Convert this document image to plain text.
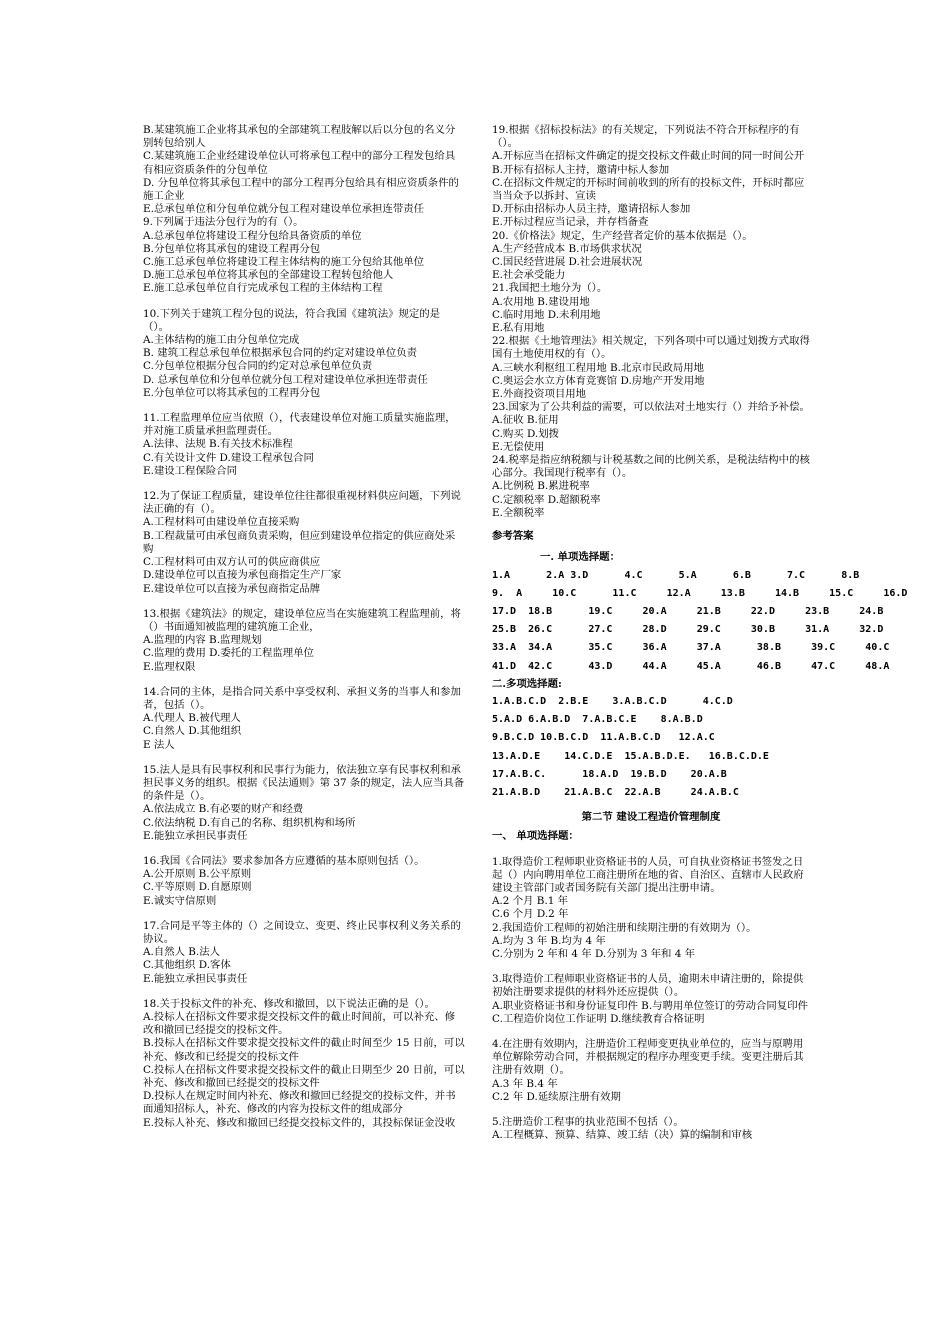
B.某建筑施工企业将其承包的全部建筑工程肢解以后以分包的名义分别转包给别人

C.某建筑施工企业经建设单位认可将承包工程中的部分工程发包给具有相应资质条件的分包单位

D. 分包单位将其承包工程中的部分工程再分包给具有相应资质条件的施工企业

E.总承包单位和分包单位就分包工程对建设单位承担连带责任

9.下列属于违法分包行为的有（）。

A.总承包单位将建设工程分包给具备资质的单位

B.分包单位将其承包的建设工程再分包

C.施工总承包单位将建设工程主体结构的施工分包给其他单位

D.施工总承包单位将其承包的全部建设工程转包给他人

E.施工总承包单位自行完成承包工程的主体结构工程

10.下列关于建筑工程分包的说法，符合我国《建筑法》规定的是（）。

A.主体结构的施工由分包单位完成

B. 建筑工程总承包单位根据承包合同的约定对建设单位负责

C.分包单位根据分包合同的约定对总承包单位负责

D. 总承包单位和分包单位就分包工程对建设单位承担连带责任

E.分包单位可以将其承包的工程再分包

11.工程监理单位应当依照（），代表建设单位对施工质量实施监理，并对施工质量承担监理责任。

A.法律、法规 B.有关技术标准程

C.有关设计文件 D.建设工程承包合同

E.建设工程保险合同

12.为了保证工程质量，建设单位往往都很重视材料供应问题，下列说法正确的有（）。

A.工程材料可由建设单位直接采购

B.工程裁量可由承包商负责采购，但应到建设单位指定的供应商处采购

C.工程材料可由双方认可的供应商供应

D.建设单位可以直接为承包商指定生产厂家

E.建设单位可以直接为承包商指定品牌

13.根据《建筑法》的规定，建设单位应当在实施建筑工程监理前，将（）书面通知被监理的建筑施工企业，

A.监理的内容 B.监理规划

C.监理的费用 D.委托的工程监理单位

E.监理权限

14.合同的主体，是指合同关系中享受权利、承担义务的当事人和参加者，包括（）。

A.代理人 B.被代理人

C.自然人 D.其他组织

E 法人

15.法人是具有民事权利和民事行为能力，依法独立享有民事权利和承担民事义务的组织。根据《民法通则》第 37 条的规定，法人应当具备的条件是（）。

A.依法成立 B.有必要的财产和经费

C.依法纳税 D.有自己的名称、组织机构和场所

E.能独立承担民事责任

16.我国《合同法》要求参加各方应遵循的基本原则包括（）。

A.公开原则 B.公平原则

C.平等原则 D.自愿原则

E.诚实守信原则

17.合同是平等主体的（）之间设立、变更、终止民事权利义务关系的协议。

A.自然人 B.法人

C.其他组织 D.客体

E.能独立承担民事责任

18.关于投标文件的补充、修改和撤回，以下说法正确的是（）。

A.投标人在招标文件要求提交投标文件的截止时间前，可以补充、修改和撤回已经提交的投标文件。

B.投标人在招标文件要求提交投标文件的截止时间至少 15 日前，可以补充、修改和已经提交的投标文件

C.投标人在招标文件要求提交投标文件的截止日期至少 20 日前，可以补充、修改和撤回已经提交的投标文件

D.投标人在规定时间内补充、修改和撤回已经提交的投标文件，并书面通知招标人，补充、修改的内容为投标文件的组成部分

E.投标人补充、修改和撤回已经提交投标文件的，其投标保证金没收

19.根据《招标投标法》的有关规定，下列说法不符合开标程序的有（）。

A.开标应当在招标文件确定的提交投标文件截止时间的同一时间公开

B.开标有招标人主持，邀请中标人参加

C.在招标文件规定的开标时间前收到的所有的投标文件，开标时都应当当众予以拆封、宣读

D.开标由招标办人员主持，邀请招标人参加

E.开标过程应当记录，并存档备查

20.《价格法》规定，生产经营者定价的基本依据是（）。

A.生产经营成本 B.市场供求状况

C.国民经营进展 D.社会进展状况

E.社会承受能力

21.我国把土地分为（）。

A.农用地 B.建设用地

C.临时用地 D.未利用地

E.私有用地

22.根据《土地管理法》相关规定，下列各项中可以通过划拨方式取得国有土地使用权的有（）。

A.三峡水利枢纽工程用地 B.北京市民政局用地

C.奥运会水立方体育竞赛馆 D.房地产开发用地

E.外商投资项目用地

23.国家为了公共利益的需要，可以依法对土地实行（）并给予补偿。

A.征收 B.征用

C.购买 D.划拨

E.无偿使用

24.税率是指应纳税额与计税基数之间的比例关系，是税法结构中的核心部分。我国现行税率有（）。

A.比例税 B.累进税率

C.定额税率 D.超额税率

E.全额税率

参考答案

一. 单项选择题：

1.A      2.A 3.D      4.C      5.A      6.B      7.C      8.B

9.  A     10.C      11.C     12.A     13.B     14.B     15.C     16.D

17.D  18.B      19.C     20.A     21.B     22.D     23.B     24.B

25.B  26.C      27.C     28.D     29.C     30.B     31.A     32.D

33.A  34.A      35.C     36.A     37.A      38.B     39.C     40.C

41.D  42.C      43.D     44.A     45.A      46.B     47.C     48.A

二.多项选择题:

1.A.B.C.D  2.B.E    3.A.B.C.D      4.C.D

5.A.D 6.A.B.D  7.A.B.C.E    8.A.B.D

9.B.C.D 10.B.C.D  11.A.B.C.D   12.A.C

13.A.D.E    14.C.D.E  15.A.B.D.E.   16.B.C.D.E

17.A.B.C.      18.A.D  19.B.D    20.A.B

21.A.B.D    21.A.B.C  22.A.B     24.A.B.C

第二节 建设工程造价管理制度

一、 单项选择题：

1.取得造价工程师职业资格证书的人员，可自执业资格证书签发之日起（）内向聘用单位工商注册所在地的省、自治区、直辖市人民政府建设主管部门或者国务院有关部门提出注册申请。

A.2 个月 B.1 年

C.6 个月 D.2 年

2.我国造价工程师的初始注册和续期注册的有效期为（）。

A.均为 3 年 B.均为 4 年

C.分别为 2 年和 4 年 D.分别为 3 年和 4 年

3.取得造价工程师职业资格证书的人员，逾期未申请注册的，除提供初始注册要求提供的材料外还应提供（）。

A.职业资格证书和身份证复印件 B.与聘用单位签订的劳动合同复印件

C.工程造价岗位工作证明 D.继续教育合格证明

4.在注册有效期内，注册造价工程师变更执业单位的，应当与原聘用单位解除劳动合同，并根据规定的程序办理变更手续。变更注册后其注册有效期（）。

A.3 年 B.4 年

C.2 年 D.延续原注册有效期

5.注册造价工程事的执业范围不包括（）。

A.工程概算、预算、结算、竣工结（决）算的编制和审核
